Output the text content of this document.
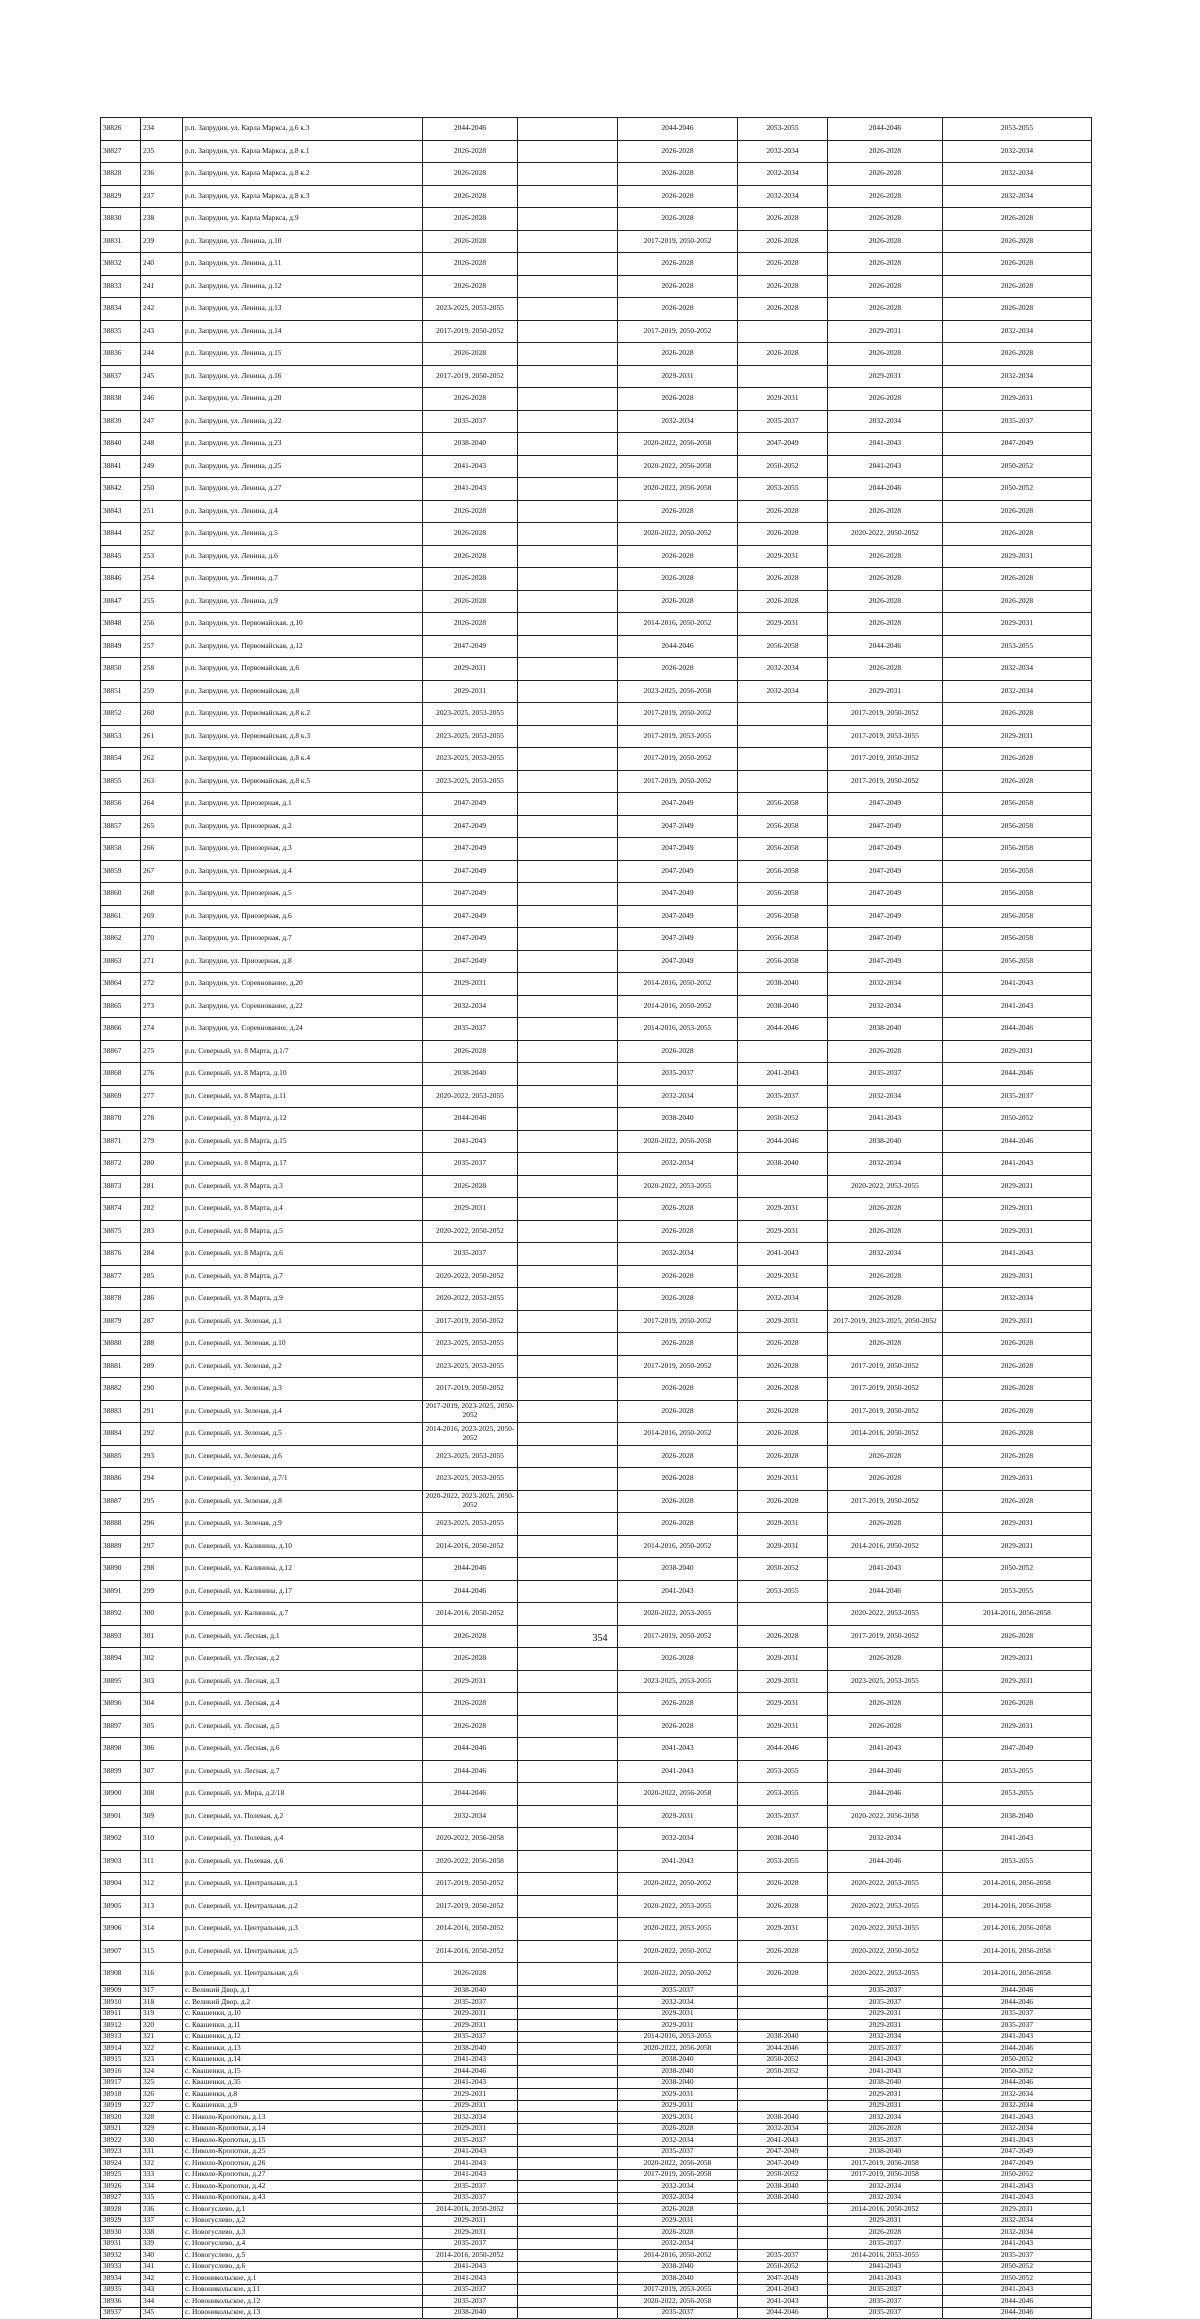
38826	234	р.п. Запрудня, ул. Карла Маркса, д.6 к.3	2044-2046		2044-2046	2053-2055	2044-2046	2053-2055
38827	235	р.п. Запрудня, ул. Карла Маркса, д.8 к.1	2026-2028		2026-2028	2032-2034	2026-2028	2032-2034
38828	236	р.п. Запрудня, ул. Карла Маркса, д.8 к.2	2026-2028		2026-2028	2032-2034	2026-2028	2032-2034
38829	237	р.п. Запрудня, ул. Карла Маркса, д.8 к.3	2026-2028		2026-2028	2032-2034	2026-2028	2032-2034
38830	238	р.п. Запрудня, ул. Карла Маркса, д.9	2026-2028		2026-2028	2026-2028	2026-2028	2026-2028
38831	239	р.п. Запрудня, ул. Ленина, д.10	2026-2028		2017-2019, 2050-2052	2026-2028	2026-2028	2026-2028
38832	240	р.п. Запрудня, ул. Ленина, д.11	2026-2028		2026-2028	2026-2028	2026-2028	2026-2028
38833	241	р.п. Запрудня, ул. Ленина, д.12	2026-2028		2026-2028	2026-2028	2026-2028	2026-2028
38834	242	р.п. Запрудня, ул. Ленина, д.13	2023-2025, 2053-2055		2026-2028	2026-2028	2026-2028	2026-2028
38835	243	р.п. Запрудня, ул. Ленина, д.14	2017-2019, 2050-2052		2017-2019, 2050-2052		2029-2031	2032-2034
38836	244	р.п. Запрудня, ул. Ленина, д.15	2026-2028		2026-2028	2026-2028	2026-2028	2026-2028
38837	245	р.п. Запрудня, ул. Ленина, д.16	2017-2019, 2050-2052		2029-2031		2029-2031	2032-2034
38838	246	р.п. Запрудня, ул. Ленина, д.20	2026-2028		2026-2028	2029-2031	2026-2028	2029-2031
38839	247	р.п. Запрудня, ул. Ленина, д.22	2035-2037		2032-2034	2035-2037	2032-2034	2035-2037
38840	248	р.п. Запрудня, ул. Ленина, д.23	2038-2040		2020-2022, 2056-2058	2047-2049	2041-2043	2047-2049
38841	249	р.п. Запрудня, ул. Ленина, д.25	2041-2043		2020-2022, 2056-2058	2050-2052	2041-2043	2050-2052
38842	250	р.п. Запрудня, ул. Ленина, д.27	2041-2043		2020-2022, 2056-2058	2053-2055	2044-2046	2050-2052
38843	251	р.п. Запрудня, ул. Ленина, д.4	2026-2028		2026-2028	2026-2028	2026-2028	2026-2028
38844	252	р.п. Запрудня, ул. Ленина, д.5	2026-2028		2020-2022, 2050-2052	2026-2028	2020-2022, 2050-2052	2026-2028
38845	253	р.п. Запрудня, ул. Ленина, д.6	2026-2028		2026-2028	2029-2031	2026-2028	2029-2031
38846	254	р.п. Запрудня, ул. Ленина, д.7	2026-2028		2026-2028	2026-2028	2026-2028	2026-2028
38847	255	р.п. Запрудня, ул. Ленина, д.9	2026-2028		2026-2028	2026-2028	2026-2028	2026-2028
38848	256	р.п. Запрудня, ул. Первомайская, д.10	2026-2028		2014-2016, 2050-2052	2029-2031	2026-2028	2029-2031
38849	257	р.п. Запрудня, ул. Первомайская, д.12	2047-2049		2044-2046	2056-2058	2044-2046	2053-2055
38850	258	р.п. Запрудня, ул. Первомайская, д.6	2029-2031		2026-2028	2032-2034	2026-2028	2032-2034
38851	259	р.п. Запрудня, ул. Первомайская, д.8	2029-2031		2023-2025, 2056-2058	2032-2034	2029-2031	2032-2034
38852	260	р.п. Запрудня, ул. Первомайская, д.8 к.2	2023-2025, 2053-2055		2017-2019, 2050-2052		2017-2019, 2050-2052	2026-2028
38853	261	р.п. Запрудня, ул. Первомайская, д.8 к.3	2023-2025, 2053-2055		2017-2019, 2053-2055		2017-2019, 2053-2055	2029-2031
38854	262	р.п. Запрудня, ул. Первомайская, д.8 к.4	2023-2025, 2053-2055		2017-2019, 2050-2052		2017-2019, 2050-2052	2026-2028
38855	263	р.п. Запрудня, ул. Первомайская, д.8 к.5	2023-2025, 2053-2055		2017-2019, 2050-2052		2017-2019, 2050-2052	2026-2028
38856	264	р.п. Запрудня, ул. Приозерная, д.1	2047-2049		2047-2049	2056-2058	2047-2049	2056-2058
38857	265	р.п. Запрудня, ул. Приозерная, д.2	2047-2049		2047-2049	2056-2058	2047-2049	2056-2058
38858	266	р.п. Запрудня, ул. Приозерная, д.3	2047-2049		2047-2049	2056-2058	2047-2049	2056-2058
38859	267	р.п. Запрудня, ул. Приозерная, д.4	2047-2049		2047-2049	2056-2058	2047-2049	2056-2058
38860	268	р.п. Запрудня, ул. Приозерная, д.5	2047-2049		2047-2049	2056-2058	2047-2049	2056-2058
38861	269	р.п. Запрудня, ул. Приозерная, д.6	2047-2049		2047-2049	2056-2058	2047-2049	2056-2058
38862	270	р.п. Запрудня, ул. Приозерная, д.7	2047-2049		2047-2049	2056-2058	2047-2049	2056-2058
38863	271	р.п. Запрудня, ул. Приозерная, д.8	2047-2049		2047-2049	2056-2058	2047-2049	2056-2058
38864	272	р.п. Запрудня, ул. Соревнование, д.20	2029-2031		2014-2016, 2050-2052	2038-2040	2032-2034	2041-2043
38865	273	р.п. Запрудня, ул. Соревнование, д.22	2032-2034		2014-2016, 2050-2052	2038-2040	2032-2034	2041-2043
38866	274	р.п. Запрудня, ул. Соревнование, д.24	2035-2037		2014-2016, 2053-2055	2044-2046	2038-2040	2044-2046
38867	275	р.п. Северный, ул. 8 Марта, д.1/7	2026-2028		2026-2028		2026-2028	2029-2031
38868	276	р.п. Северный, ул. 8 Марта, д.10	2038-2040		2035-2037	2041-2043	2035-2037	2044-2046
38869	277	р.п. Северный, ул. 8 Марта, д.11	2020-2022, 2053-2055		2032-2034	2035-2037	2032-2034	2035-2037
38870	278	р.п. Северный, ул. 8 Марта, д.12	2044-2046		2038-2040	2050-2052	2041-2043	2050-2052
38871	279	р.п. Северный, ул. 8 Марта, д.15	2041-2043		2020-2022, 2056-2058	2044-2046	2038-2040	2044-2046
38872	280	р.п. Северный, ул. 8 Марта, д.17	2035-2037		2032-2034	2038-2040	2032-2034	2041-2043
38873	281	р.п. Северный, ул. 8 Марта, д.3	2026-2028		2020-2022, 2053-2055		2020-2022, 2053-2055	2029-2031
38874	282	р.п. Северный, ул. 8 Марта, д.4	2029-2031		2026-2028	2029-2031	2026-2028	2029-2031
38875	283	р.п. Северный, ул. 8 Марта, д.5	2020-2022, 2050-2052		2026-2028	2029-2031	2026-2028	2029-2031
38876	284	р.п. Северный, ул. 8 Марта, д.6	2035-2037		2032-2034	2041-2043	2032-2034	2041-2043
38877	285	р.п. Северный, ул. 8 Марта, д.7	2020-2022, 2050-2052		2026-2028	2029-2031	2026-2028	2029-2031
38878	286	р.п. Северный, ул. 8 Марта, д.9	2020-2022, 2053-2055		2026-2028	2032-2034	2026-2028	2032-2034
38879	287	р.п. Северный, ул. Зеленая, д.1	2017-2019, 2050-2052		2017-2019, 2050-2052	2029-2031	2017-2019, 2023-2025, 2050-2052	2029-2031
38880	288	р.п. Северный, ул. Зеленая, д.10	2023-2025, 2053-2055		2026-2028	2026-2028	2026-2028	2026-2028
38881	289	р.п. Северный, ул. Зеленая, д.2	2023-2025, 2053-2055		2017-2019, 2050-2052	2026-2028	2017-2019, 2050-2052	2026-2028
38882	290	р.п. Северный, ул. Зеленая, д.3	2017-2019, 2050-2052		2026-2028	2026-2028	2017-2019, 2050-2052	2026-2028
38883	291	р.п. Северный, ул. Зеленая, д.4	2017-2019, 2023-2025, 2050-2052		2026-2028	2026-2028	2017-2019, 2050-2052	2026-2028
38884	292	р.п. Северный, ул. Зеленая, д.5	2014-2016, 2023-2025, 2050-2052		2014-2016, 2050-2052	2026-2028	2014-2016, 2050-2052	2026-2028
38885	293	р.п. Северный, ул. Зеленая, д.6	2023-2025, 2053-2055		2026-2028	2026-2028	2026-2028	2026-2028
38886	294	р.п. Северный, ул. Зеленая, д.7/1	2023-2025, 2053-2055		2026-2028	2029-2031	2026-2028	2029-2031
38887	295	р.п. Северный, ул. Зеленая, д.8	2020-2022, 2023-2025, 2050-2052		2026-2028	2026-2028	2017-2019, 2050-2052	2026-2028
38888	296	р.п. Северный, ул. Зеленая, д.9	2023-2025, 2053-2055		2026-2028	2029-2031	2026-2028	2029-2031
38889	297	р.п. Северный, ул. Калинина, д.10	2014-2016, 2050-2052		2014-2016, 2050-2052	2029-2031	2014-2016, 2050-2052	2029-2031
38890	298	р.п. Северный, ул. Калинина, д.12	2044-2046		2038-2040	2050-2052	2041-2043	2050-2052
38891	299	р.п. Северный, ул. Калинина, д.17	2044-2046		2041-2043	2053-2055	2044-2046	2053-2055
38892	300	р.п. Северный, ул. Калинина, д.7	2014-2016, 2050-2052		2020-2022, 2053-2055		2020-2022, 2053-2055	2014-2016, 2056-2058
38893	301	р.п. Северный, ул. Лесная, д.1	2026-2028		2017-2019, 2050-2052	2026-2028	2017-2019, 2050-2052	2026-2028
38894	302	р.п. Северный, ул. Лесная, д.2	2026-2028		2026-2028	2029-2031	2026-2028	2029-2031
38895	303	р.п. Северный, ул. Лесная, д.3	2029-2031		2023-2025, 2053-2055	2029-2031	2023-2025, 2053-2055	2029-2031
38896	304	р.п. Северный, ул. Лесная, д.4	2026-2028		2026-2028	2029-2031	2026-2028	2026-2028
38897	305	р.п. Северный, ул. Лесная, д.5	2026-2028		2026-2028	2029-2031	2026-2028	2029-2031
38898	306	р.п. Северный, ул. Лесная, д.6	2044-2046		2041-2043	2044-2046	2041-2043	2047-2049
38899	307	р.п. Северный, ул. Лесная, д.7	2044-2046		2041-2043	2053-2055	2044-2046	2053-2055
38900	308	р.п. Северный, ул. Мира, д.2/18	2044-2046		2020-2022, 2056-2058	2053-2055	2044-2046	2053-2055
38901	309	р.п. Северный, ул. Полевая, д.2	2032-2034		2029-2031	2035-2037	2020-2022, 2056-2058	2038-2040
38902	310	р.п. Северный, ул. Полевая, д.4	2020-2022, 2056-2058		2032-2034	2038-2040	2032-2034	2041-2043
38903	311	р.п. Северный, ул. Полевая, д.6	2020-2022, 2056-2058		2041-2043	2053-2055	2044-2046	2053-2055
38904	312	р.п. Северный, ул. Центральная, д.1	2017-2019, 2050-2052		2020-2022, 2050-2052	2026-2028	2020-2022, 2053-2055	2014-2016, 2056-2058
38905	313	р.п. Северный, ул. Центральная, д.2	2017-2019, 2050-2052		2020-2022, 2053-2055	2026-2028	2020-2022, 2053-2055	2014-2016, 2056-2058
38906	314	р.п. Северный, ул. Центральная, д.3	2014-2016, 2050-2052		2020-2022, 2053-2055	2029-2031	2020-2022, 2053-2055	2014-2016, 2056-2058
38907	315	р.п. Северный, ул. Центральная, д.5	2014-2016, 2050-2052		2020-2022, 2050-2052	2026-2028	2020-2022, 2050-2052	2014-2016, 2056-2058
38908	316	р.п. Северный, ул. Центральная, д.6	2026-2028		2020-2022, 2050-2052	2026-2028	2020-2022, 2053-2055	2014-2016, 2056-2058
38909	317	с. Великий Двор, д.1	2038-2040		2035-2037		2035-2037	2044-2046
38910	318	с. Великий Двор, д.2	2035-2037		2032-2034		2035-2037	2044-2046
38911	319	с. Квашенки, д.10	2029-2031		2029-2031		2029-2031	2035-2037
38912	320	с. Квашенки, д.11	2029-2031		2029-2031		2029-2031	2035-2037
38913	321	с. Квашенки, д.12	2035-2037		2014-2016, 2053-2055	2038-2040	2032-2034	2041-2043
38914	322	с. Квашенки, д.13	2038-2040		2020-2022, 2056-2058	2044-2046	2035-2037	2044-2046
38915	323	с. Квашенки, д.14	2041-2043		2038-2040	2050-2052	2041-2043	2050-2052
38916	324	с. Квашенки, д.15	2044-2046		2038-2040	2050-2052	2041-2043	2050-2052
38917	325	с. Квашенки, д.35	2041-2043		2038-2040		2038-2040	2044-2046
38918	326	с. Квашенки, д.8	2029-2031		2029-2031		2029-2031	2032-2034
38919	327	с. Квашенки, д.9	2029-2031		2029-2031		2029-2031	2032-2034
38920	328	с. Николо-Кропотки, д.13	2032-2034		2029-2031	2038-2040	2032-2034	2041-2043
38921	329	с. Николо-Кропотки, д.14	2029-2031		2026-2028	2032-2034	2026-2028	2032-2034
38922	330	с. Николо-Кропотки, д.15	2035-2037		2032-2034	2041-2043	2035-2037	2041-2043
38923	331	с. Николо-Кропотки, д.25	2041-2043		2035-2037	2047-2049	2038-2040	2047-2049
38924	332	с. Николо-Кропотки, д.26	2041-2043		2020-2022, 2056-2058	2047-2049	2017-2019, 2056-2058	2047-2049
38925	333	с. Николо-Кропотки, д.27	2041-2043		2017-2019, 2056-2058	2050-2052	2017-2019, 2056-2058	2050-2052
38926	334	с. Николо-Кропотки, д.42	2035-2037		2032-2034	2038-2040	2032-2034	2041-2043
38927	335	с. Николо-Кропотки, д.43	2035-2037		2032-2034	2038-2040	2032-2034	2041-2043
38928	336	с. Новогуслево, д.1	2014-2016, 2050-2052		2026-2028		2014-2016, 2050-2052	2029-2031
38929	337	с. Новогуслево, д.2	2029-2031		2029-2031		2029-2031	2032-2034
38930	338	с. Новогуслево, д.3	2029-2031		2026-2028		2026-2028	2032-2034
38931	339	с. Новогуслево, д.4	2035-2037		2032-2034		2035-2037	2041-2043
38932	340	с. Новогуслево, д.5	2014-2016, 2050-2052		2014-2016, 2050-2052	2035-2037	2014-2016, 2053-2055	2035-2037
38933	341	с. Новогуслево, д.6	2041-2043		2038-2040	2050-2052	2041-2043	2050-2052
38934	342	с. Новоникольское, д.1	2041-2043		2038-2040	2047-2049	2041-2043	2050-2052
38935	343	с. Новоникольское, д.11	2035-2037		2017-2019, 2053-2055	2041-2043	2035-2037	2041-2043
38936	344	с. Новоникольское, д.12	2035-2037		2020-2022, 2056-2058	2041-2043	2035-2037	2044-2046
38937	345	с. Новоникольское, д.13	2038-2040		2035-2037	2044-2046	2035-2037	2044-2046
354
